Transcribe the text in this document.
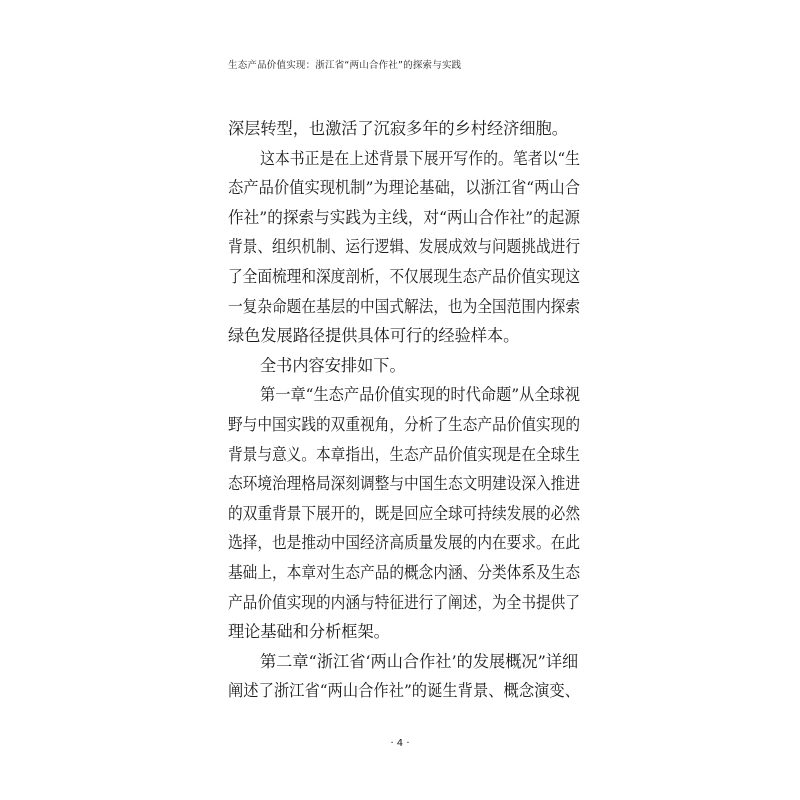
生态产品价值实现：浙江省“两山合作社”的探索与实践
深层转型，也激活了沉寂多年的乡村经济细胞。
这本书正是在上述背景下展开写作的。笔者以“生
态产品价值实现机制”为理论基础，以浙江省“两山合
作社”的探索与实践为主线，对“两山合作社”的起源
背景、组织机制、运行逻辑、发展成效与问题挑战进行
了全面梳理和深度剖析，不仅展现生态产品价值实现这
一复杂命题在基层的中国式解法，也为全国范围内探索
绿色发展路径提供具体可行的经验样本。
全书内容安排如下。
第一章“生态产品价值实现的时代命题”从全球视
野与中国实践的双重视角，分析了生态产品价值实现的
背景与意义。本章指出，生态产品价值实现是在全球生
态环境治理格局深刻调整与中国生态文明建设深入推进
的双重背景下展开的，既是回应全球可持续发展的必然
选择，也是推动中国经济高质量发展的内在要求。在此
基础上，本章对生态产品的概念内涵、分类体系及生态
产品价值实现的内涵与特征进行了阐述，为全书提供了
理论基础和分析框架。
第二章“浙江省‘两山合作社’的发展概况”详细
阐述了浙江省“两山合作社”的诞生背景、概念演变、
· 4 ·
